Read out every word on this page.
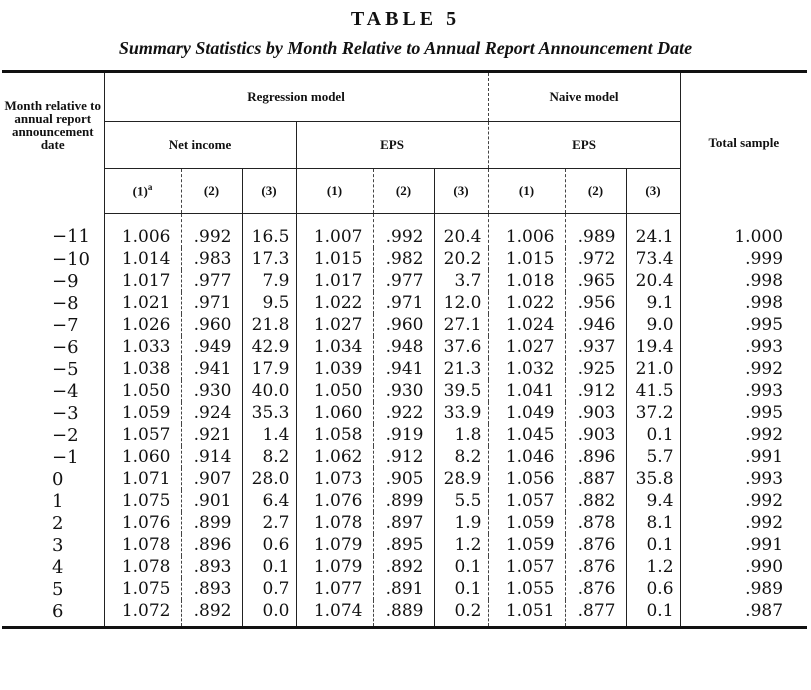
TABLE 5
Summary Statistics by Month Relative to Annual Report Announcement Date
Month relative to annual report announcement date	Regression model						Naive model			Total sample
	Net income			EPS			EPS			
	$(1)^a$	(2)	(3)	(1)	(2)	(3)	(1)	(2)	(3)	
−11	1.006	.992	16.5	1.007	.992	20.4	1.006	.989	24.1	1.000
−10	1.014	.983	17.3	1.015	.982	20.2	1.015	.972	73.4	.999
−9	1.017	.977	7.9	1.017	.977	3.7	1.018	.965	20.4	.998
−8	1.021	.971	9.5	1.022	.971	12.0	1.022	.956	9.1	.998
−7	1.026	.960	21.8	1.027	.960	27.1	1.024	.946	9.0	.995
−6	1.033	.949	42.9	1.034	.948	37.6	1.027	.937	19.4	.993
−5	1.038	.941	17.9	1.039	.941	21.3	1.032	.925	21.0	.992
−4	1.050	.930	40.0	1.050	.930	39.5	1.041	.912	41.5	.993
−3	1.059	.924	35.3	1.060	.922	33.9	1.049	.903	37.2	.995
−2	1.057	.921	1.4	1.058	.919	1.8	1.045	.903	0.1	.992
−1	1.060	.914	8.2	1.062	.912	8.2	1.046	.896	5.7	.991
0	1.071	.907	28.0	1.073	.905	28.9	1.056	.887	35.8	.993
1	1.075	.901	6.4	1.076	.899	5.5	1.057	.882	9.4	.992
2	1.076	.899	2.7	1.078	.897	1.9	1.059	.878	8.1	.992
3	1.078	.896	0.6	1.079	.895	1.2	1.059	.876	0.1	.991
4	1.078	.893	0.1	1.079	.892	0.1	1.057	.876	1.2	.990
5	1.075	.893	0.7	1.077	.891	0.1	1.055	.876	0.6	.989
6	1.072	.892	0.0	1.074	.889	0.2	1.051	.877	0.1	.987
